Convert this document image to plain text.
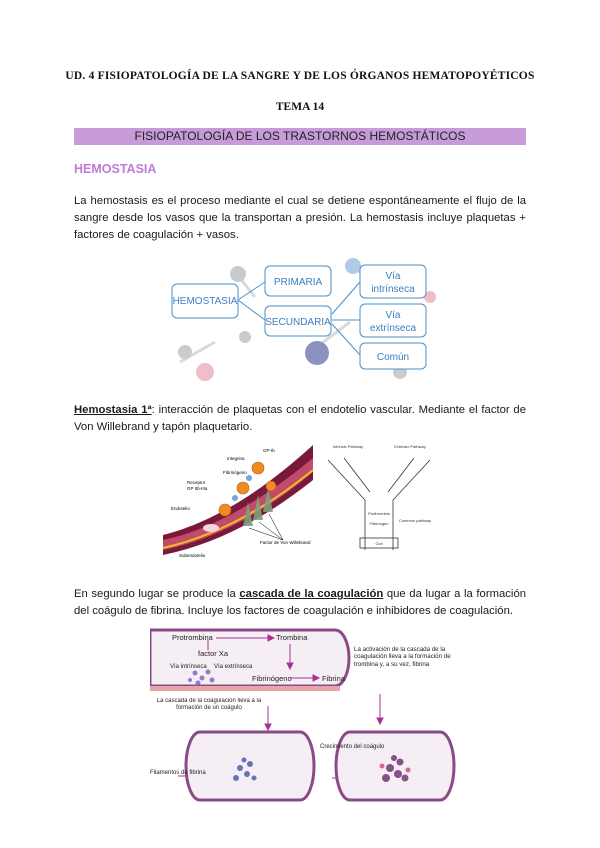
UD. 4 FISIOPATOLOGÍA DE LA SANGRE Y DE LOS ÓRGANOS HEMATOPOYÉTICOS
TEMA 14
FISIOPATOLOGÍA DE LOS TRASTORNOS HEMOSTÁTICOS
HEMOSTASIA
La hemostasis es el proceso mediante el cual se detiene espontáneamente el flujo de la sangre desde los vasos que la transportan a presión. La hemostasis incluye plaquetas + factores de coagulación + vasos.
HEMOSTASIA
PRIMARIA
SECUNDARIA
Vía
intrínseca
Vía
extrínseca
Común
Hemostasia 1ª: interacción de plaquetas con el endotelio vascular. Mediante el factor de Von Willebrand y tapón plaquetario.
GP-Ib
Integrina
Fibrinógeno
Receptor
GP IIb-IIIa
Endotelio
Factor de Von Willebrand
Subendotelio
Intrinsic Pathway	Extrinsic Pathway
Prothrombin
Fibrinogen
Common pathway
Clot
En segundo lugar se produce la cascada de la coagulación que da lugar a la formación del coágulo de fibrina. Incluye los factores de coagulación e inhibidores de coagulación.
Protrombina	Trombina
factor Xa
Fibrinógeno	Fibrina
Vía intrínseca Vía extrínseca
La activación de la cascada de la coagulación lleva a la formación de trombina y, a su vez, fibrina
La cascada de la coagulación lleva a la formación de un coágulo
Filamentos de fibrina
Crecimiento del coágulo
